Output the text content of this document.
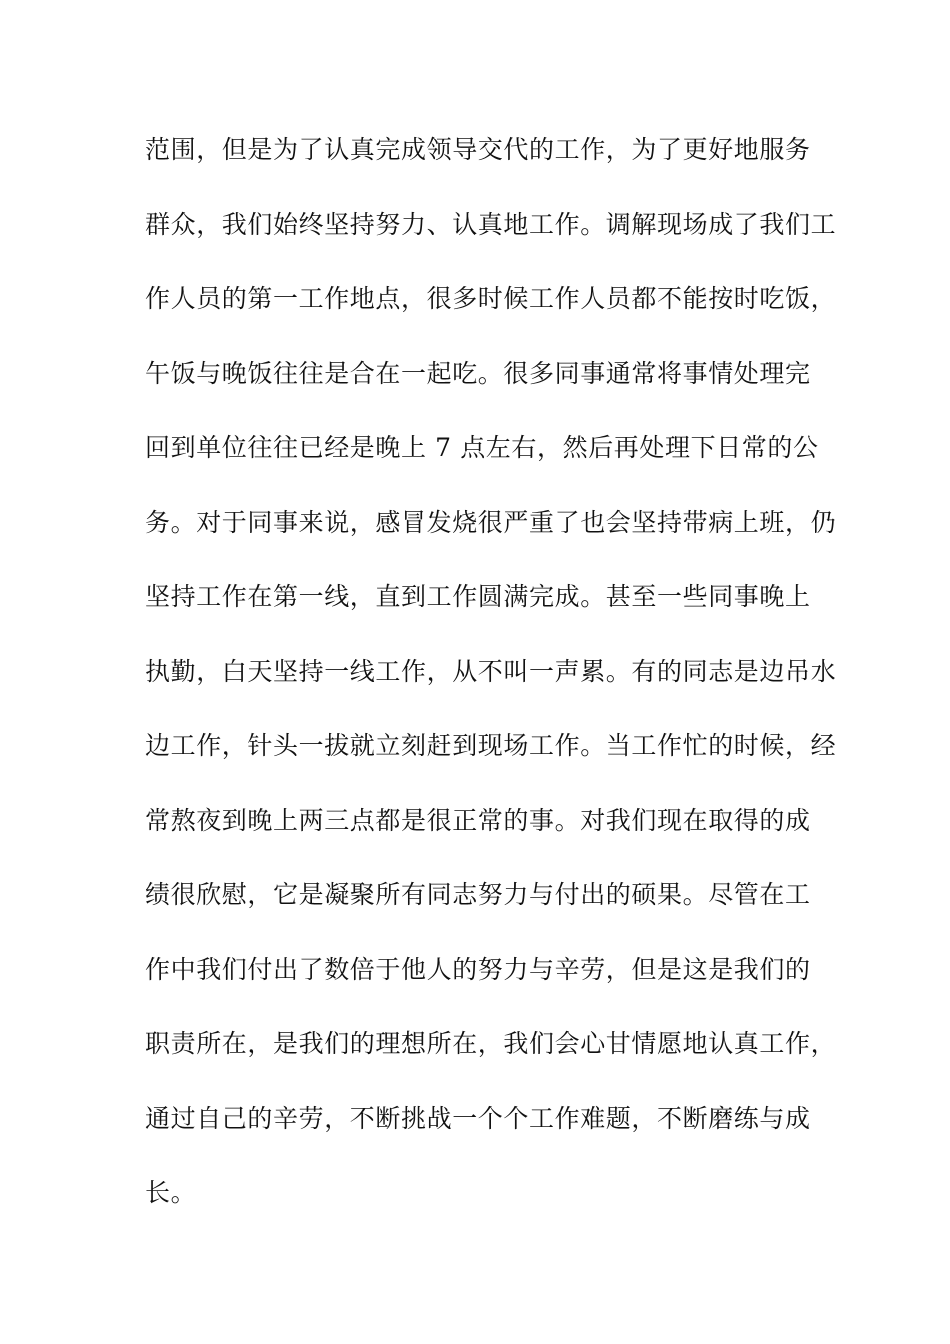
范围，但是为了认真完成领导交代的工作，为了更好地服务
群众，我们始终坚持努力、认真地工作。调解现场成了我们工
作人员的第一工作地点，很多时候工作人员都不能按时吃饭，
午饭与晚饭往往是合在一起吃。很多同事通常将事情处理完
回到单位往往已经是晚上 7 点左右，然后再处理下日常的公
务。对于同事来说，感冒发烧很严重了也会坚持带病上班，仍
坚持工作在第一线，直到工作圆满完成。甚至一些同事晚上
执勤，白天坚持一线工作，从不叫一声累。有的同志是边吊水
边工作，针头一拔就立刻赶到现场工作。当工作忙的时候，经
常熬夜到晚上两三点都是很正常的事。对我们现在取得的成
绩很欣慰，它是凝聚所有同志努力与付出的硕果。尽管在工
作中我们付出了数倍于他人的努力与辛劳，但是这是我们的
职责所在，是我们的理想所在，我们会心甘情愿地认真工作，
通过自己的辛劳，不断挑战一个个工作难题，不断磨练与成
长。
